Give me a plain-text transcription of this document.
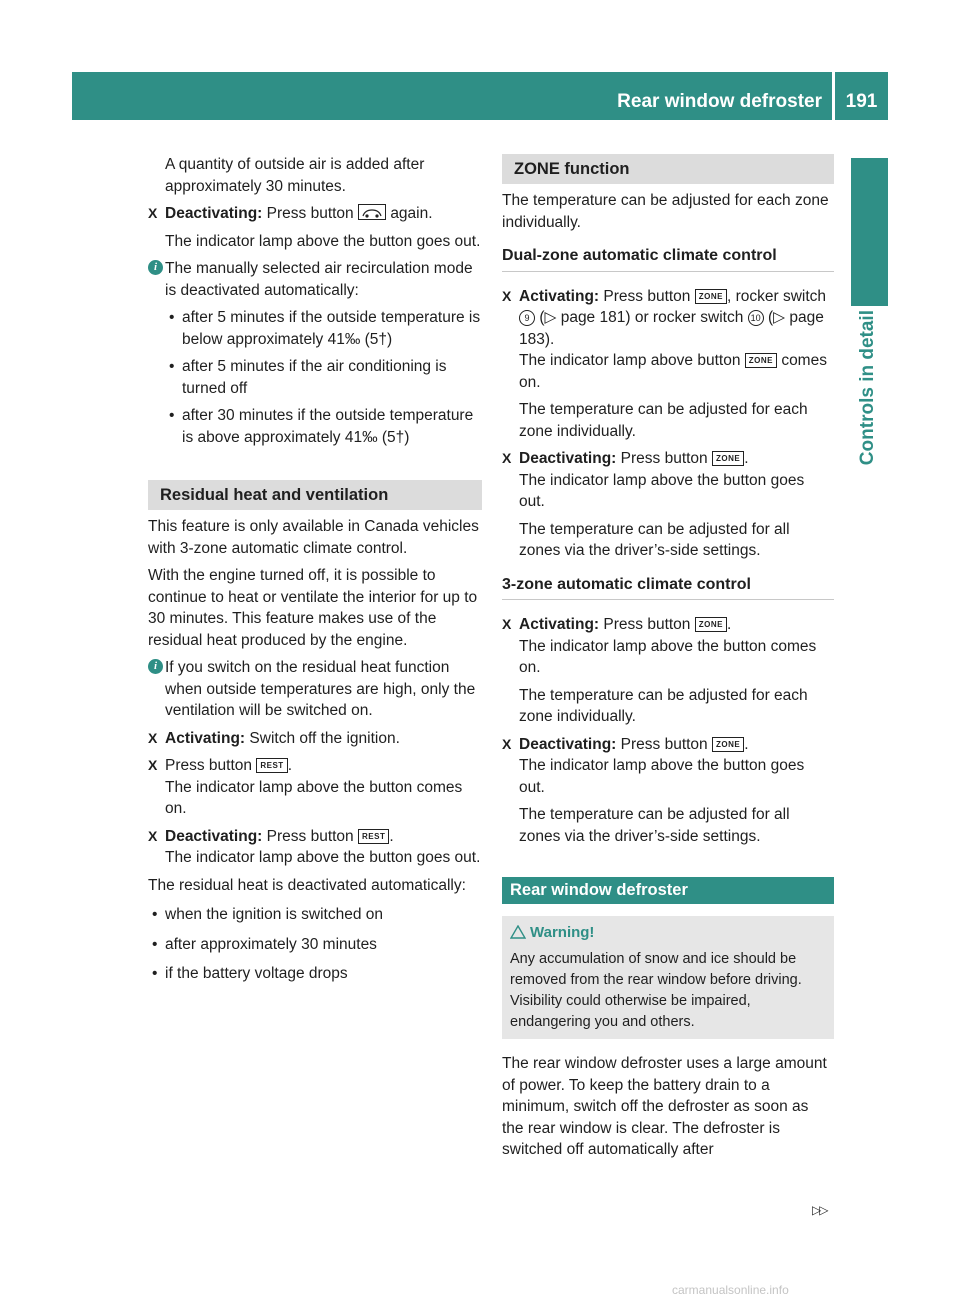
Rear window defroster	191
Controls in detail

A quantity of outside air is added after approximately 30 minutes.

X Deactivating: Press button again.

The indicator lamp above the button goes out.

i The manually selected air recirculation mode is deactivated automatically:

• after 5 minutes if the outside temperature is below approximately 41‰ (5†)
• after 5 minutes if the air conditioning is turned off
• after 30 minutes if the outside temperature is above approximately 41‰ (5†)
Residual heat and ventilation

This feature is only available in Canada vehicles with 3-zone automatic climate control.

With the engine turned off, it is possible to continue to heat or ventilate the interior for up to 30 minutes. This feature makes use of the residual heat produced by the engine.

i If you switch on the residual heat function when outside temperatures are high, only the ventilation will be switched on.

X Activating: Switch off the ignition.

X Press button REST .

The indicator lamp above the button comes on.

X Deactivating: Press button REST .

The indicator lamp above the button goes out.

The residual heat is deactivated automatically:

• when the ignition is switched on
• after approximately 30 minutes
• if the battery voltage drops
ZONE function

The temperature can be adjusted for each zone individually.

Dual-zone automatic climate control
X Activating: Press button ZONE , rocker switch 9 (▷ page 181) or rocker switch 10 (▷ page 183).

The indicator lamp above button ZONE comes on.

The temperature can be adjusted for each zone individually.

X Deactivating: Press button ZONE .

The indicator lamp above the button goes out.

The temperature can be adjusted for all zones via the driver’s-side settings.

3-zone automatic climate control
X Activating: Press button ZONE .

The indicator lamp above the button comes on.

The temperature can be adjusted for each zone individually.

X Deactivating: Press button ZONE .

The indicator lamp above the button goes out.

The temperature can be adjusted for all zones via the driver’s-side settings.

Rear window defroster
Warning!
Any accumulation of snow and ice should be removed from the rear window before driving. Visibility could otherwise be impaired, endangering you and others.

The rear window defroster uses a large amount of power. To keep the battery drain to a minimum, switch off the defroster as soon as the rear window is clear. The defroster is switched off automatically after

▷▷
carmanualsonline.info
